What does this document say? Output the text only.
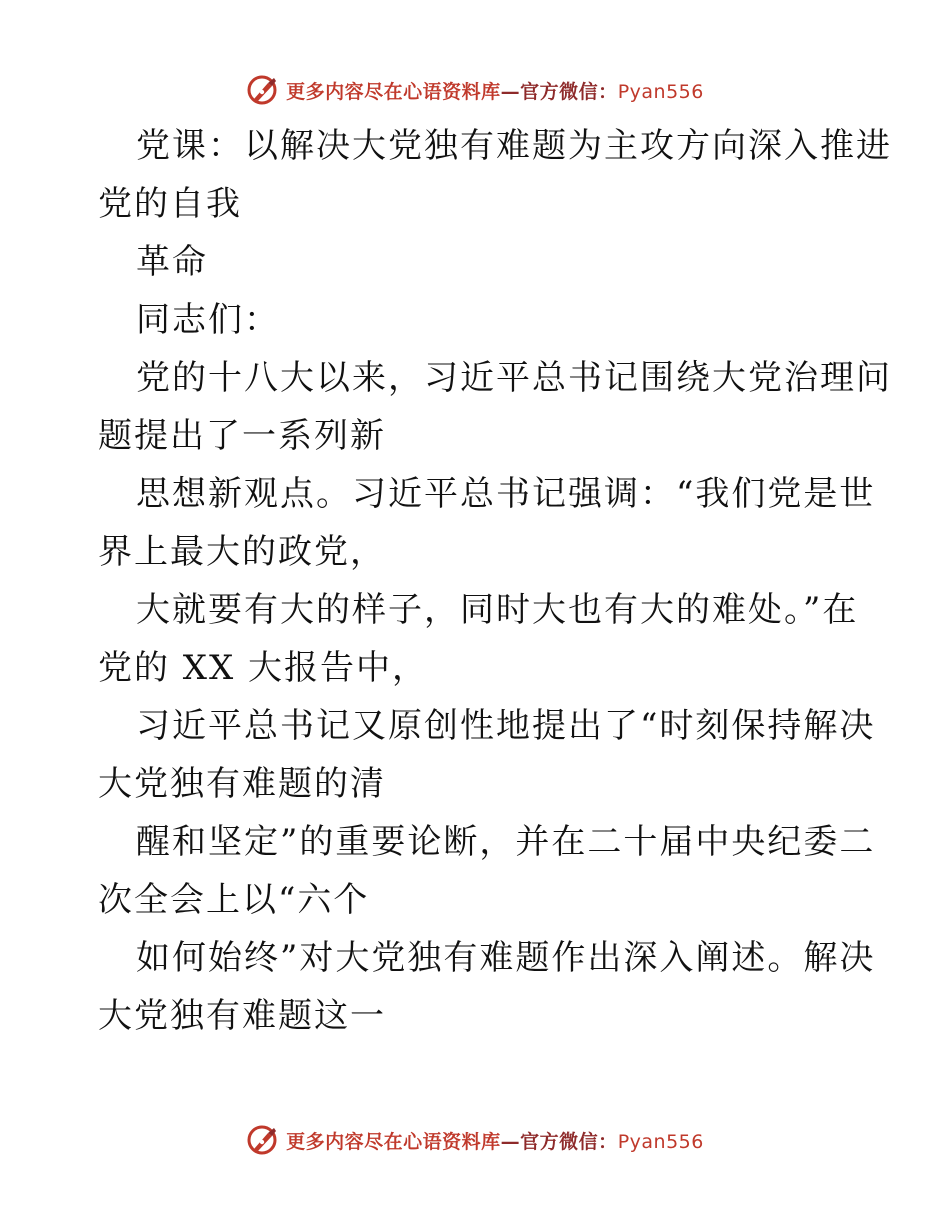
更多内容尽在心语资料库—官方微信：Pyan556
党课：以解决大党独有难题为主攻方向深入推进
党的自我
革命
同志们：
党的十八大以来，习近平总书记围绕大党治理问
题提出了一系列新
思想新观点。习近平总书记强调：“我们党是世
界上最大的政党，
大就要有大的样子，同时大也有大的难处。”在
党的 XX 大报告中，
习近平总书记又原创性地提出了“时刻保持解决
大党独有难题的清
醒和坚定”的重要论断，并在二十届中央纪委二
次全会上以“六个
如何始终”对大党独有难题作出深入阐述。解决
大党独有难题这一
更多内容尽在心语资料库—官方微信：Pyan556
